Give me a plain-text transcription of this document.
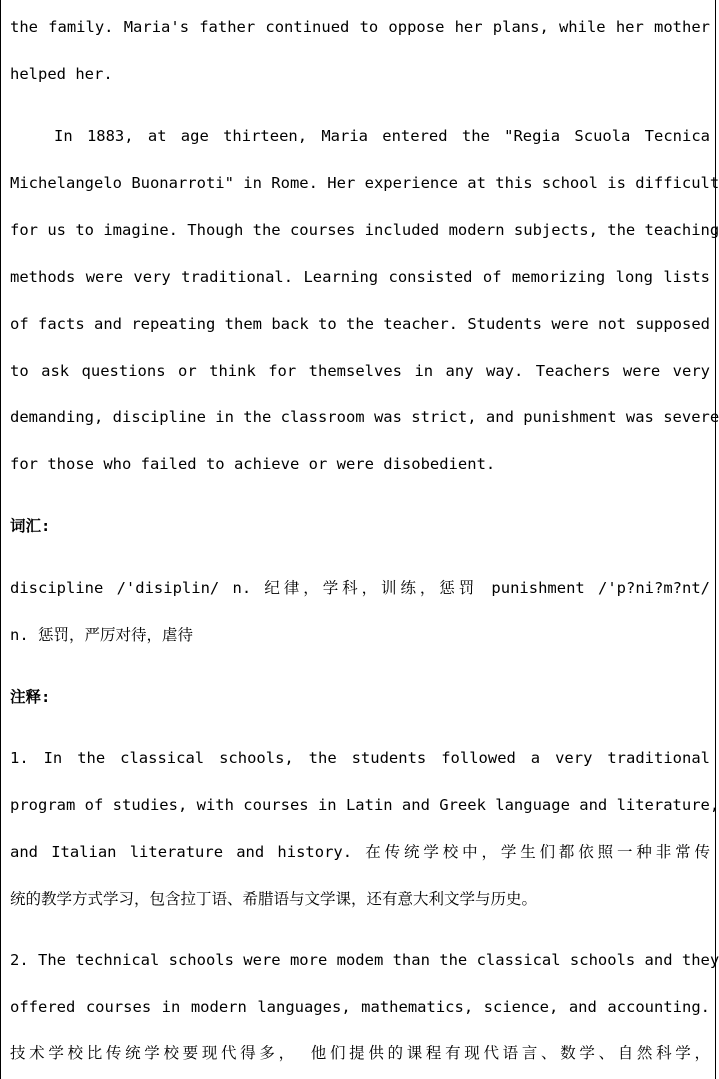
the family. Maria's father continued to oppose her plans, while her mother
helped her.
In 1883, at age thirteen, Maria entered the "Regia Scuola Tecnica
Michelangelo Buonarroti" in Rome. Her experience at this school is difficult
for us to imagine. Though the courses included modern subjects, the teaching
methods were very traditional. Learning consisted of memorizing long lists
of facts and repeating them back to the teacher. Students were not supposed
to ask questions or think for themselves in any way. Teachers were very
demanding, discipline in the classroom was strict, and punishment was severe
for those who failed to achieve or were disobedient.
词汇:
discipline /'disiplin/ n. 纪律，学科，训练，惩罚 punishment /'p?ni?m?nt/
n. 惩罚，严厉对待，虐待
注释:
1. In the classical schools, the students followed a very traditional
program of studies, with courses in Latin and Greek language and literature,
and Italian literature and history. 在传统学校中，学生们都依照一种非常传
统的教学方式学习，包含拉丁语、希腊语与文学课，还有意大利文学与历史。
2. The technical schools were more modem than the classical schools and they
offered courses in modern languages, mathematics, science, and accounting.
技术学校比传统学校要现代得多， 他们提供的课程有现代语言、数学、自然科学，
